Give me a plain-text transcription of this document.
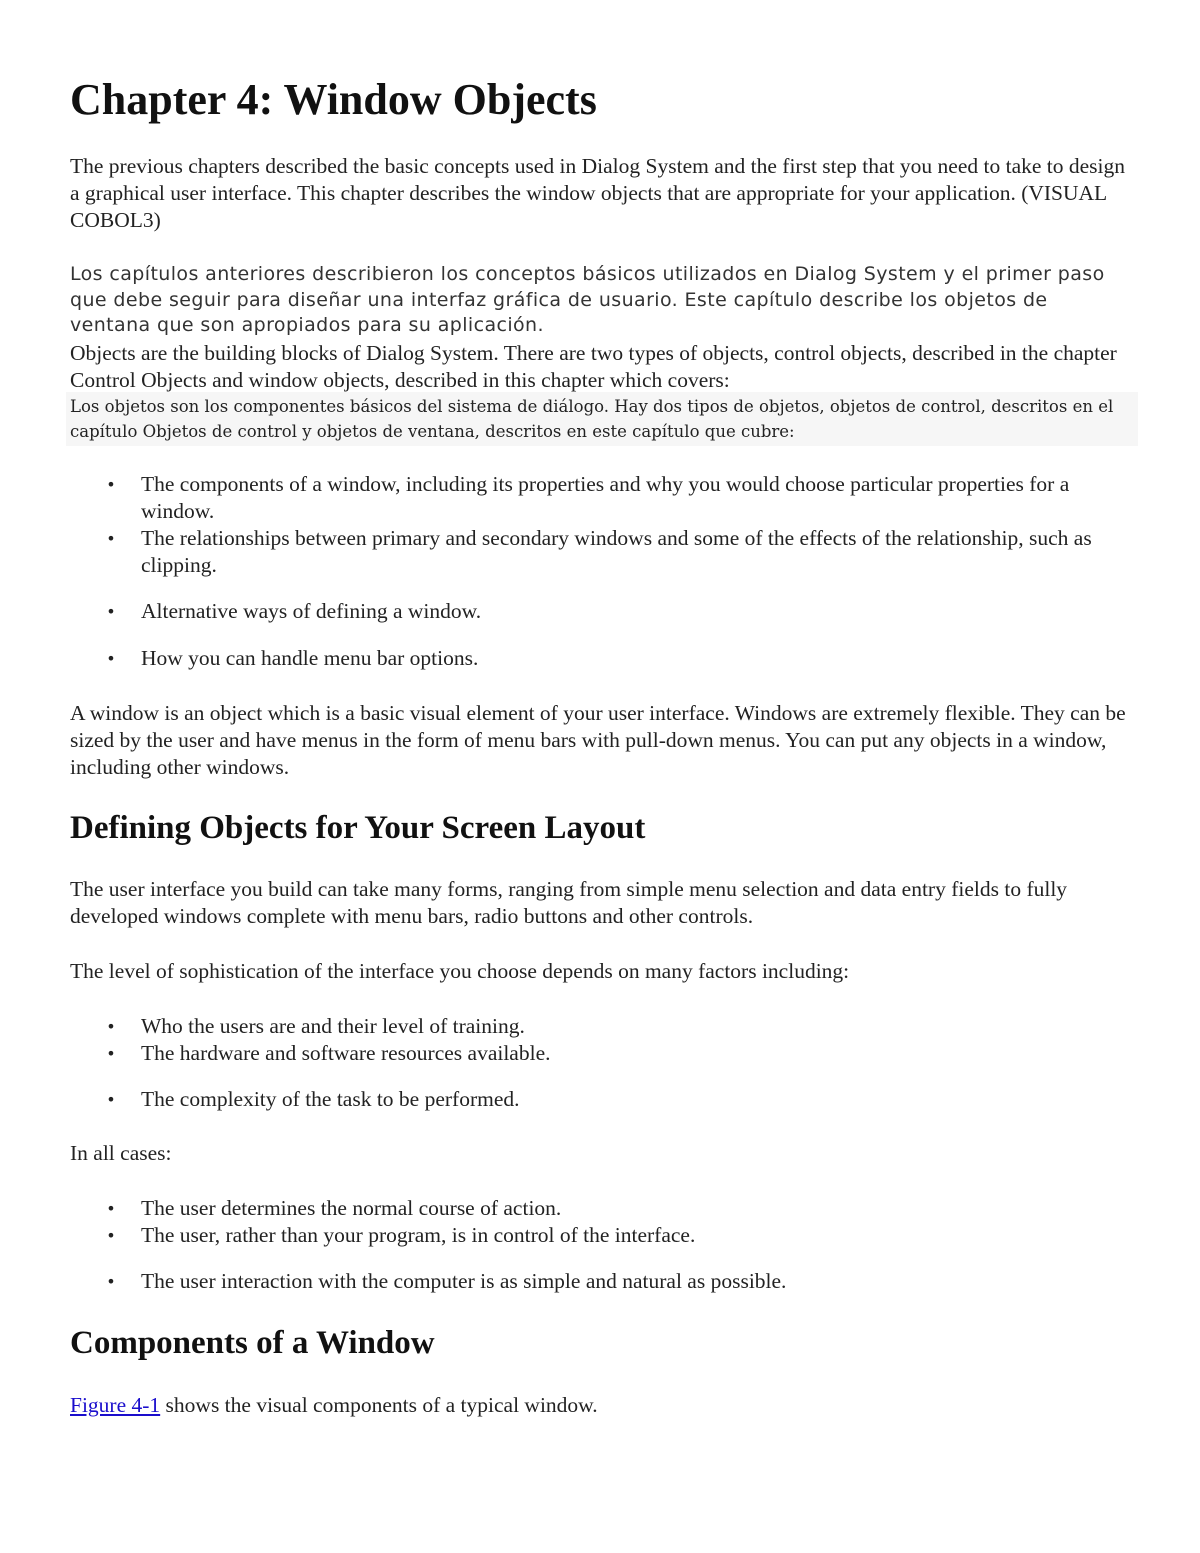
Chapter 4: Window Objects

The previous chapters described the basic concepts used in Dialog System and the first step that you need to take to design a graphical user interface. This chapter describes the window objects that are appropriate for your application. (VISUAL COBOL3)

Los capítulos anteriores describieron los conceptos básicos utilizados en Dialog System y el primer paso que debe seguir para diseñar una interfaz gráfica de usuario. Este capítulo describe los objetos de ventana que son apropiados para su aplicación.

Objects are the building blocks of Dialog System. There are two types of objects, control objects, described in the chapter Control Objects and window objects, described in this chapter which covers:

Los objetos son los componentes básicos del sistema de diálogo. Hay dos tipos de objetos, objetos de control, descritos en el capítulo Objetos de control y objetos de ventana, descritos en este capítulo que cubre:

• The components of a window, including its properties and why you would choose particular properties for a window.
• The relationships between primary and secondary windows and some of the effects of the relationship, such as clipping.
• Alternative ways of defining a window.
• How you can handle menu bar options.

A window is an object which is a basic visual element of your user interface. Windows are extremely flexible. They can be sized by the user and have menus in the form of menu bars with pull-down menus. You can put any objects in a window, including other windows.

Defining Objects for Your Screen Layout

The user interface you build can take many forms, ranging from simple menu selection and data entry fields to fully developed windows complete with menu bars, radio buttons and other controls.

The level of sophistication of the interface you choose depends on many factors including:

• Who the users are and their level of training.
• The hardware and software resources available.
• The complexity of the task to be performed.

In all cases:

• The user determines the normal course of action.
• The user, rather than your program, is in control of the interface.
• The user interaction with the computer is as simple and natural as possible.
Components of a Window

Figure 4-1 shows the visual components of a typical window.
